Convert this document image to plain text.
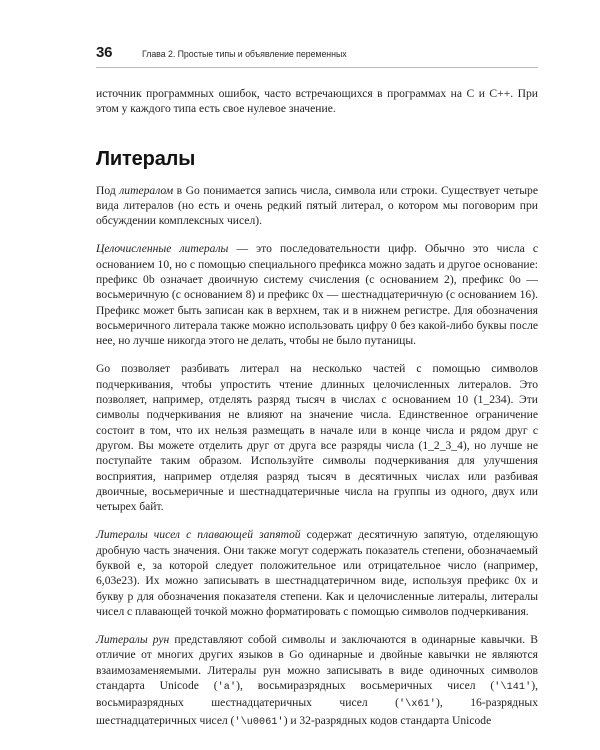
36	Глава 2. Простые типы и объявление переменных

источник программных ошибок, часто встречающихся в программах на C и C++. При этом у каждого типа есть свое нулевое значение.

Литералы

Под литералом в Go понимается запись числа, символа или строки. Существует четыре вида литералов (но есть и очень редкий пятый литерал, о котором мы поговорим при обсуждении комплексных чисел).

Целочисленные литералы — это последовательности цифр. Обычно это числа с основанием 10, но с помощью специального префикса можно задать и другое основание: префикс 0b означает двоичную систему счисления (с основанием 2), префикс 0o — восьмеричную (с основанием 8) и префикс 0x — шестнадцатеричную (с основанием 16). Префикс может быть записан как в верхнем, так и в нижнем регистре. Для обозначения восьмеричного литерала также можно использовать цифру 0 без какой-либо буквы после нее, но лучше никогда этого не делать, чтобы не было путаницы.

Go позволяет разбивать литерал на несколько частей с помощью символов подчеркивания, чтобы упростить чтение длинных целочисленных литералов. Это позволяет, например, отделять разряд тысяч в числах с основанием 10 (1_234). Эти символы подчеркивания не влияют на значение числа. Единственное ограничение состоит в том, что их нельзя размещать в начале или в конце числа и рядом друг с другом. Вы можете отделить друг от друга все разряды числа (1_2_3_4), но лучше не поступайте таким образом. Используйте символы подчеркивания для улучшения восприятия, например отделяя разряд тысяч в десятичных числах или разбивая двоичные, восьмеричные и шестнадцатеричные числа на группы из одного, двух или четырех байт.

Литералы чисел с плавающей запятой содержат десятичную запятую, отделяющую дробную часть значения. Они также могут содержать показатель степени, обозначаемый буквой e, за которой следует положительное или отрицательное число (например, 6,03e23). Их можно записывать в шестнадцатеричном виде, используя префикс 0x и букву p для обозначения показателя степени. Как и целочисленные литералы, литералы чисел с плавающей точкой можно форматировать с помощью символов подчеркивания.

Литералы рун представляют собой символы и заключаются в одинарные кавычки. В отличие от многих других языков в Go одинарные и двойные кавычки не являются взаимозаменяемыми. Литералы рун можно записывать в виде одиночных символов стандарта Unicode ('a'), восьмиразрядных восьмеричных чисел ('\141'), восьмиразрядных шестнадцатеричных чисел ('\x61'), 16-разрядных шестнадцатеричных чисел ('\u0061') и 32-разрядных кодов стандарта Unicode
